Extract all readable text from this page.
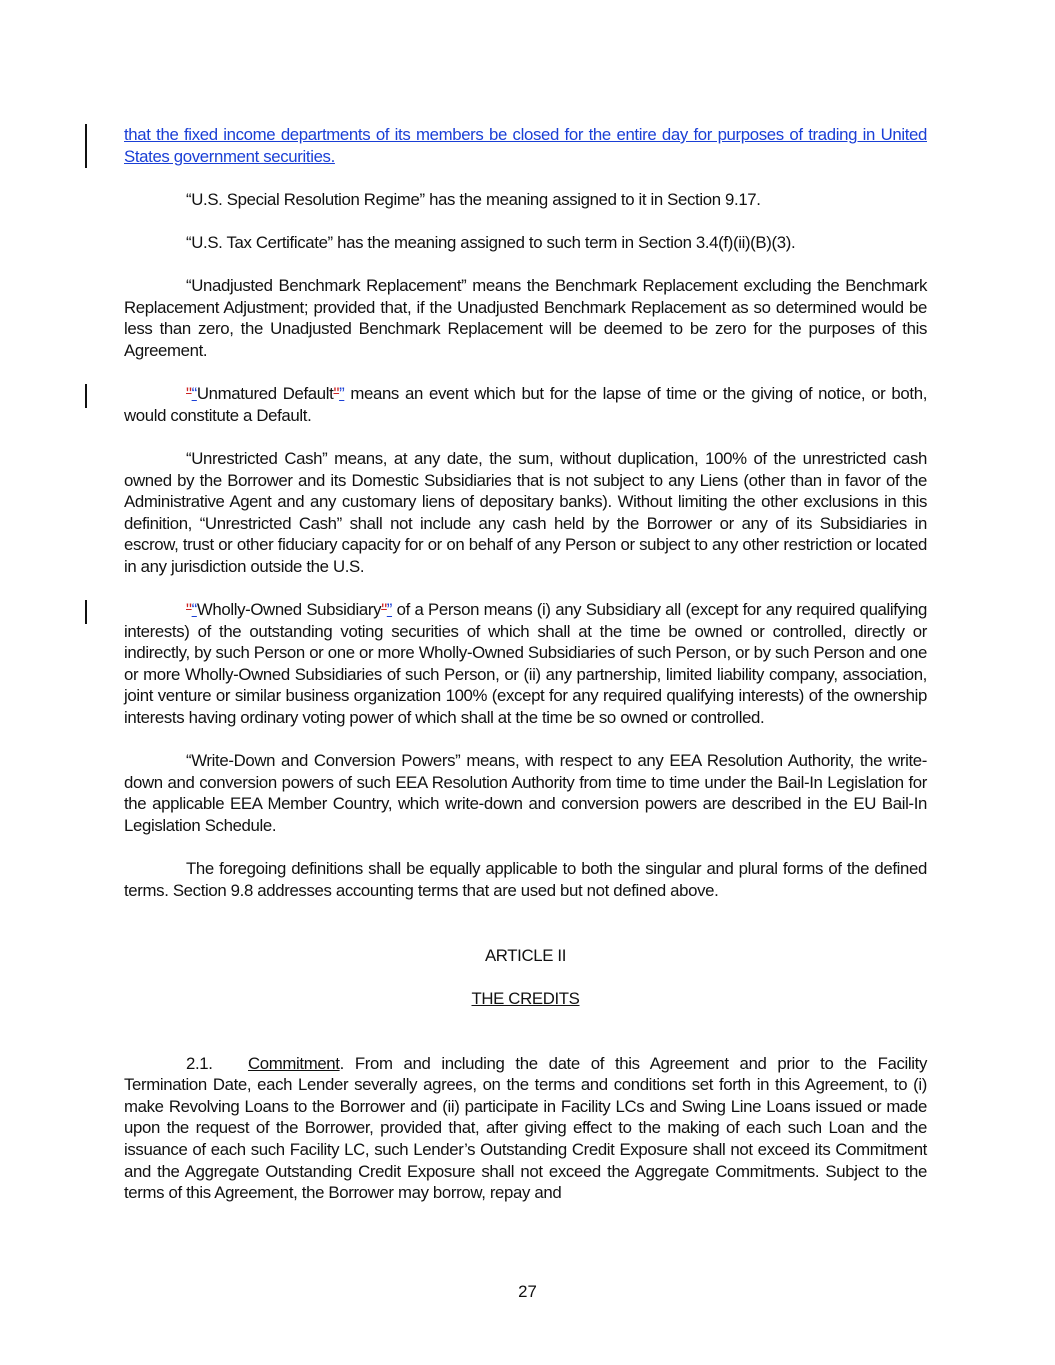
that the fixed income departments of its members be closed for the entire day for purposes of trading in United States government securities.

“U.S. Special Resolution Regime” has the meaning assigned to it in Section 9.17.

“U.S. Tax Certificate” has the meaning assigned to such term in Section 3.4(f)(ii)(B)(3).

“Unadjusted Benchmark Replacement” means the Benchmark Replacement excluding the Benchmark Replacement Adjustment; provided that, if the Unadjusted Benchmark Replacement as so determined would be less than zero, the Unadjusted Benchmark Replacement will be deemed to be zero for the purposes of this Agreement.

"“Unmatured Default"” means an event which but for the lapse of time or the giving of notice, or both, would constitute a Default.

“Unrestricted Cash” means, at any date, the sum, without duplication, 100% of the unrestricted cash owned by the Borrower and its Domestic Subsidiaries that is not subject to any Liens (other than in favor of the Administrative Agent and any customary liens of depositary banks). Without limiting the other exclusions in this definition, “Unrestricted Cash” shall not include any cash held by the Borrower or any of its Subsidiaries in escrow, trust or other fiduciary capacity for or on behalf of any Person or subject to any other restriction or located in any jurisdiction outside the U.S.

"“Wholly-Owned Subsidiary"” of a Person means (i) any Subsidiary all (except for any required qualifying interests) of the outstanding voting securities of which shall at the time be owned or controlled, directly or indirectly, by such Person or one or more Wholly-Owned Subsidiaries of such Person, or by such Person and one or more Wholly-Owned Subsidiaries of such Person, or (ii) any partnership, limited liability company, association, joint venture or similar business organization 100% (except for any required qualifying interests) of the ownership interests having ordinary voting power of which shall at the time be so owned or controlled.

“Write-Down and Conversion Powers” means, with respect to any EEA Resolution Authority, the write-down and conversion powers of such EEA Resolution Authority from time to time under the Bail-In Legislation for the applicable EEA Member Country, which write-down and conversion powers are described in the EU Bail-In Legislation Schedule.

The foregoing definitions shall be equally applicable to both the singular and plural forms of the defined terms. Section 9.8 addresses accounting terms that are used but not defined above.

ARTICLE II

THE CREDITS

2.1. Commitment. From and including the date of this Agreement and prior to the Facility Termination Date, each Lender severally agrees, on the terms and conditions set forth in this Agreement, to (i) make Revolving Loans to the Borrower and (ii) participate in Facility LCs and Swing Line Loans issued or made upon the request of the Borrower, provided that, after giving effect to the making of each such Loan and the issuance of each such Facility LC, such Lender’s Outstanding Credit Exposure shall not exceed its Commitment and the Aggregate Outstanding Credit Exposure shall not exceed the Aggregate Commitments. Subject to the terms of this Agreement, the Borrower may borrow, repay and

27
